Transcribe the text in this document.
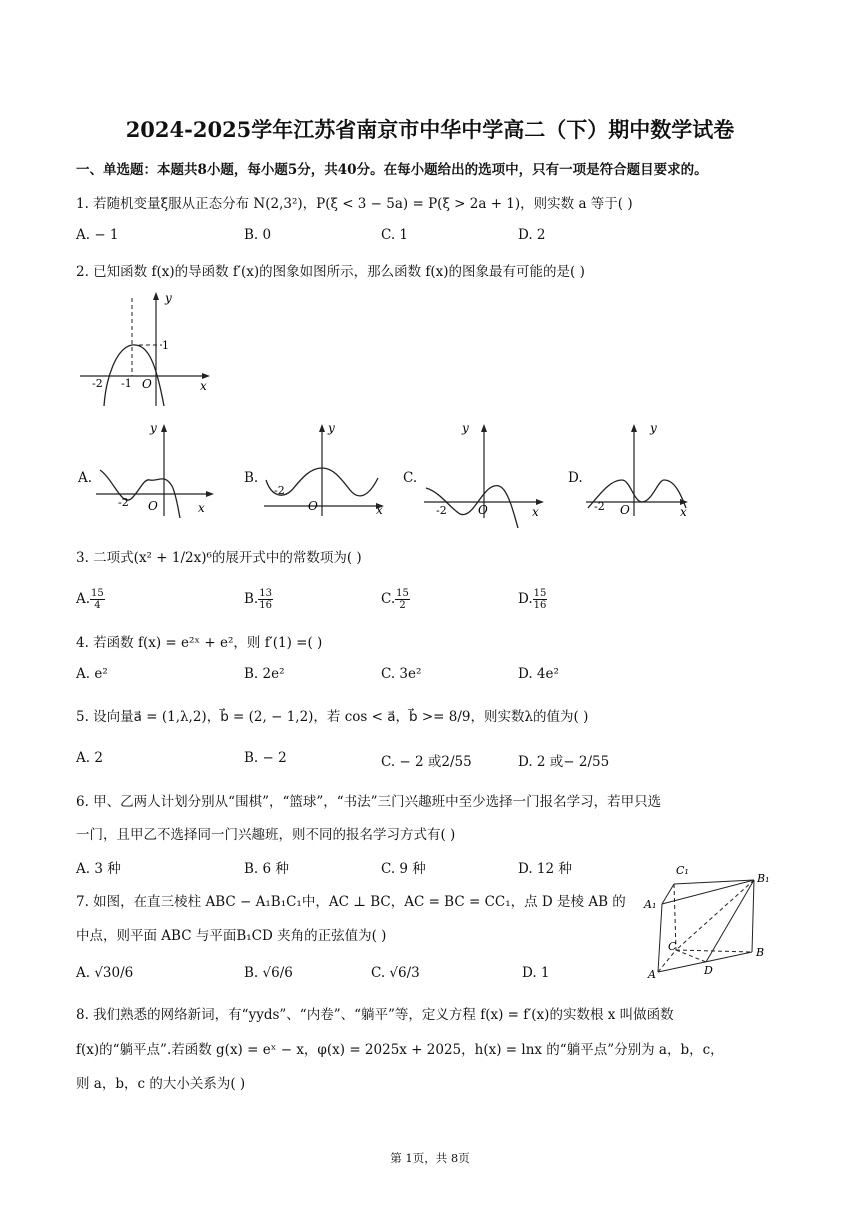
2024-2025学年江苏省南京市中华中学高二（下）期中数学试卷
一、单选题：本题共8小题，每小题5分，共40分。在每小题给出的选项中，只有一项是符合题目要求的。
1. 若随机变量ξ服从正态分布 N(2,3²)，P(ξ < 3 − 5a) = P(ξ > 2a + 1)，则实数 a 等于( )
A. − 1	B. 0	C. 1	D. 2
2. 已知函数 f(x)的导函数 f′(x)的图象如图所示，那么函数 f(x)的图象最有可能的是( )
y
x
O
-2 -1
1
A.
y
x
O
-2
B.
y
x
O
-2
C.
y
x
O
-2
D.
y
x
O
-2
3. 二项式(x² + 1/2x)⁶的展开式中的常数项为( )
A. $\frac{15}{4}$	B. $\frac{13}{16}$	C. $\frac{15}{2}$	D. $\frac{15}{16}$
4. 若函数 f(x) = e²ˣ + e²，则 f′(1) =( )
A. e²	B. 2e²	C. 3e²	D. 4e²
5. 设向量a⃗ = (1,λ,2)，b⃗ = (2, − 1,2)，若 cos < a⃗，b⃗ >= 8/9，则实数λ的值为( )
A. 2	B. − 2	C. − 2 或2/55	D. 2 或− 2/55
6. 甲、乙两人计划分别从“围棋”，“篮球”，“书法”三门兴趣班中至少选择一门报名学习，若甲只选
一门，且甲乙不选择同一门兴趣班，则不同的报名学习方式有( )
A. 3 种	B. 6 种	C. 9 种	D. 12 种
7. 如图，在直三棱柱 ABC − A₁B₁C₁中，AC ⊥ BC，AC = BC = CC₁，点 D 是棱 AB 的
中点，则平面 ABC 与平面B₁CD 夹角的正弦值为( )
A. √30/6	B. √6/6	C. √6/3	D. 1
C₁
B₁
A₁
C	B
A	D
8. 我们熟悉的网络新词，有“yyds”、“内卷”、“躺平”等，定义方程 f(x) = f′(x)的实数根 x 叫做函数
f(x)的“躺平点”.若函数 g(x) = eˣ − x，φ(x) = 2025x + 2025，h(x) = lnx 的“躺平点”分别为 a，b，c，
则 a，b，c 的大小关系为( )
第 1页，共 8页
